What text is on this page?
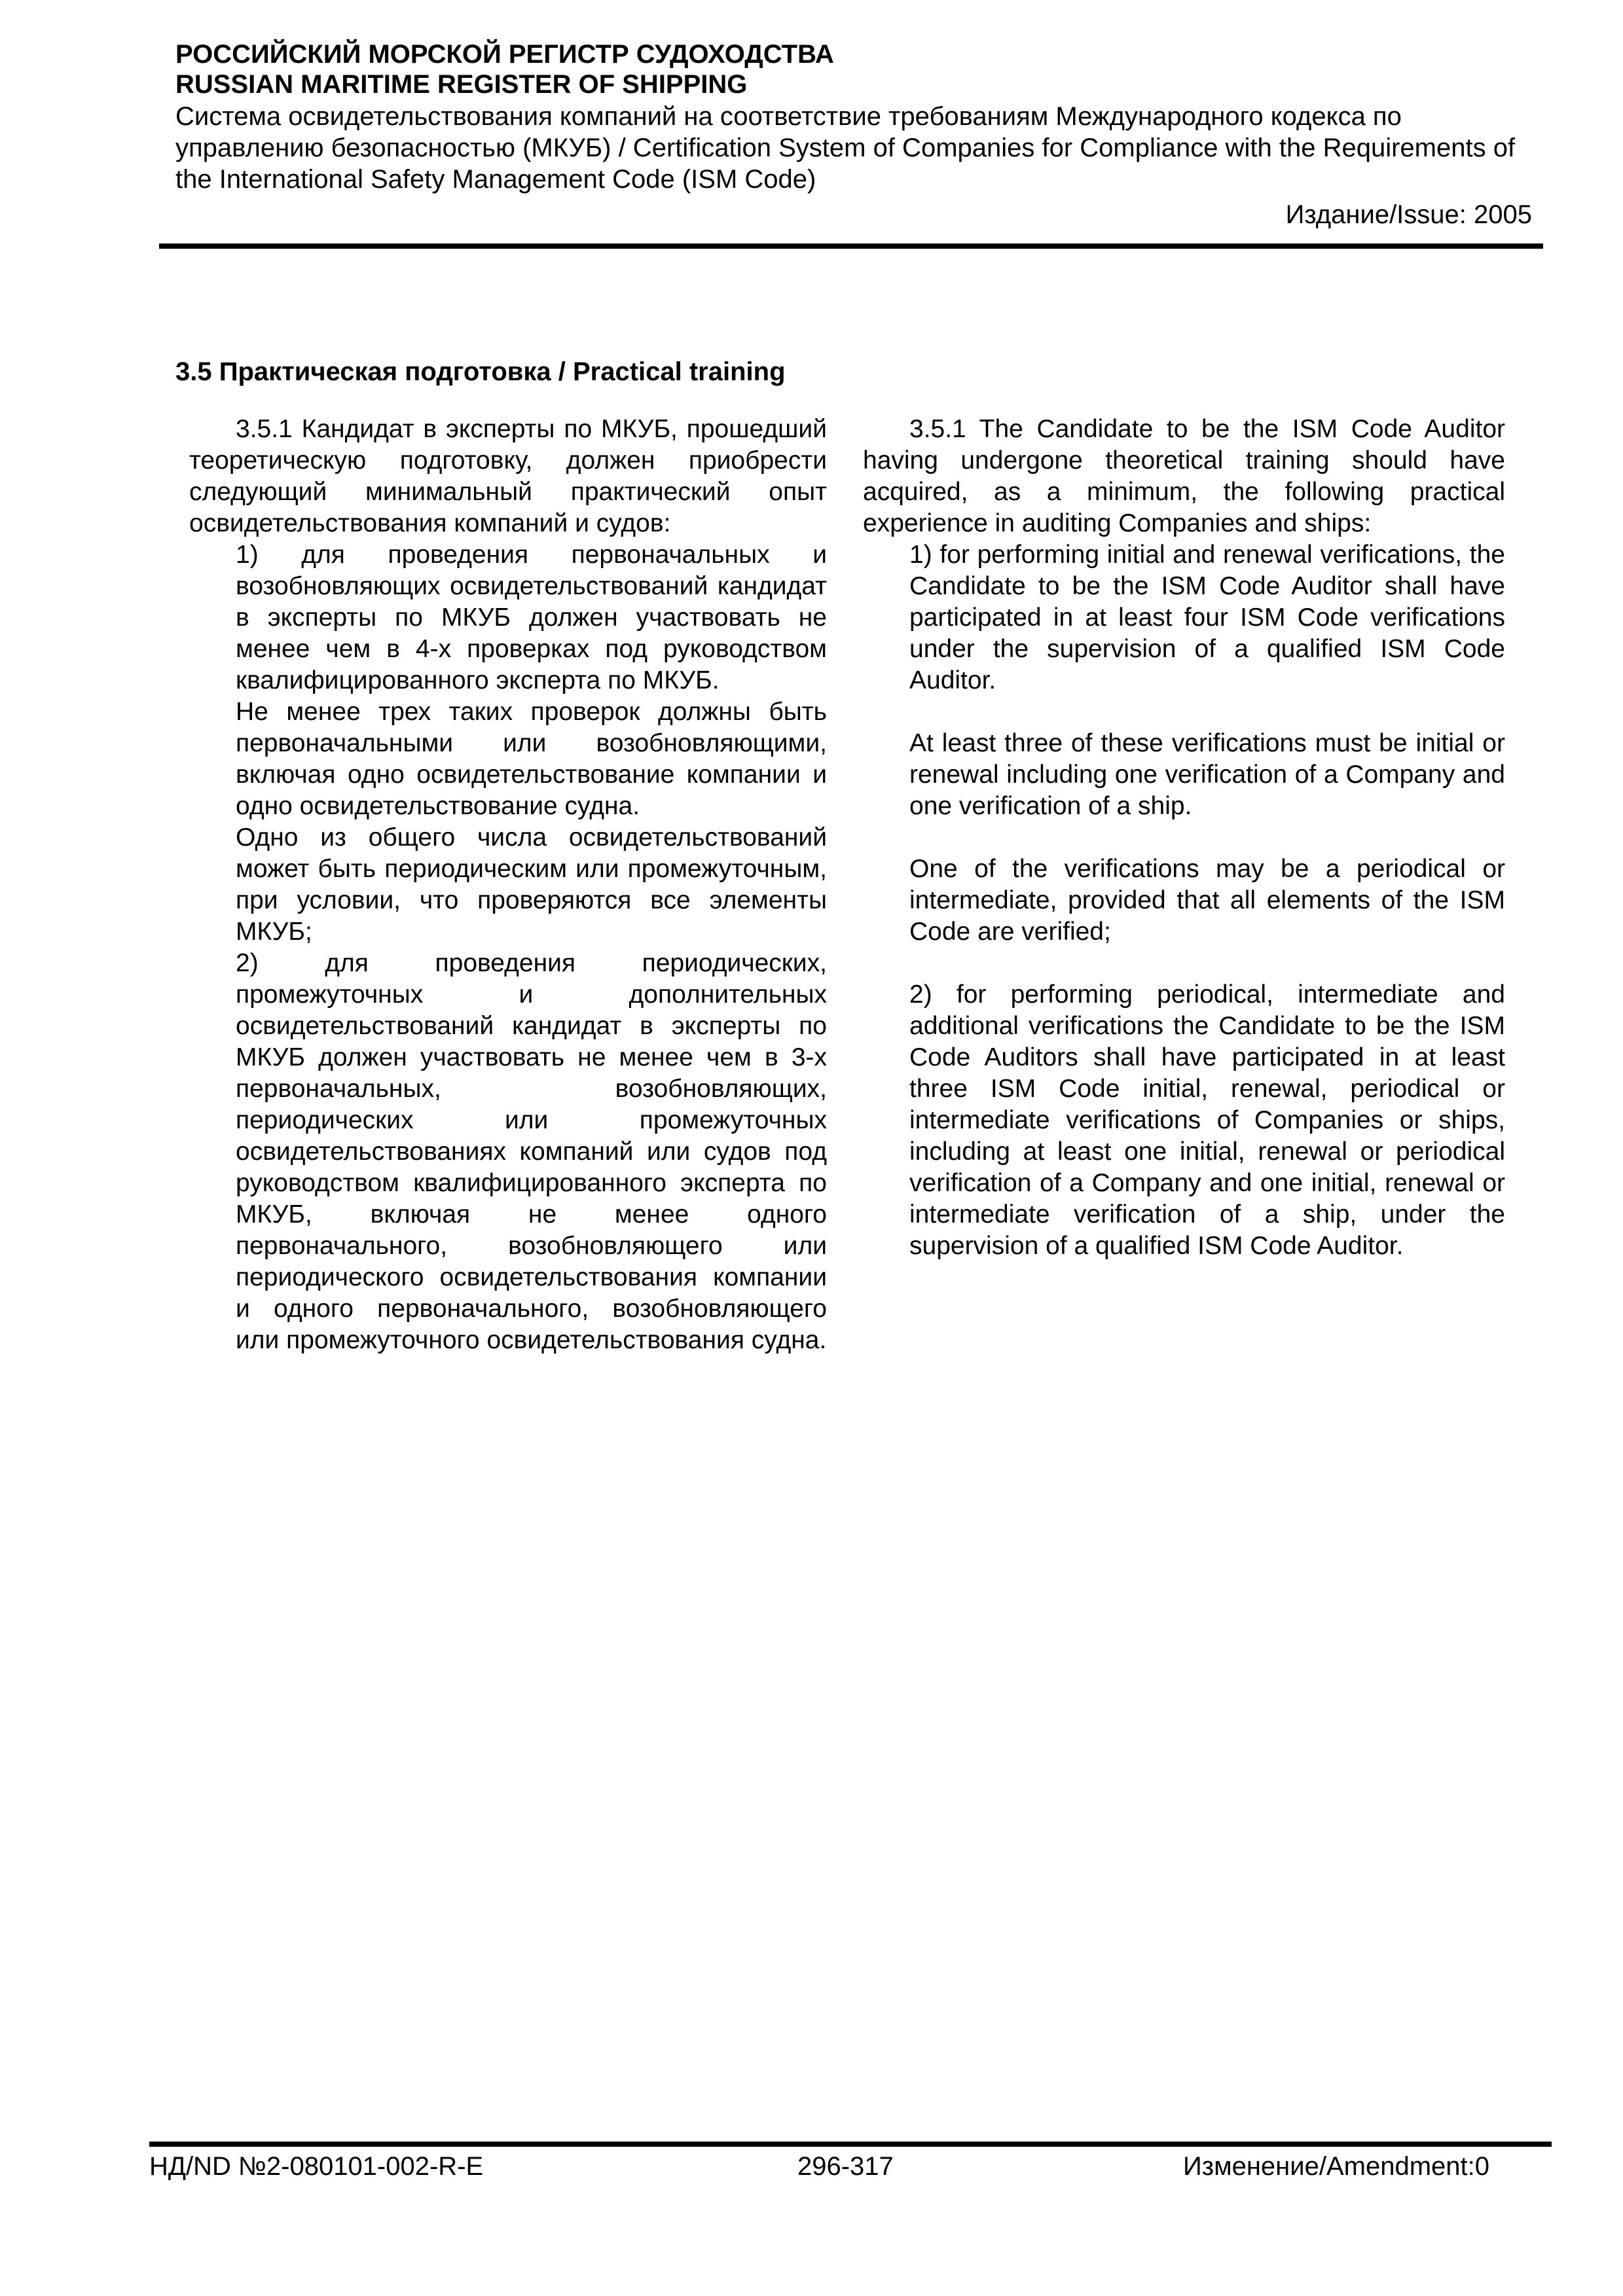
РОССИЙСКИЙ МОРСКОЙ РЕГИСТР СУДОХОДСТВА

RUSSIAN MARITIME REGISTER OF SHIPPING

Система освидетельствования компаний на соответствие требованиям Международного кодекса по управлению безопасностью (МКУБ) / Certification System of Companies for Compliance with the Requirements of the International Safety Management Code (ISM Code)

Издание/Issue: 2005
3.5 Практическая подготовка / Practical training

3.5.1 Кандидат в эксперты по МКУБ, прошедший теоретическую подготовку, должен приобрести следующий минимальный практический опыт освидетельствования компаний и судов:

1) для проведения первоначальных и возобновляющих освидетельствований кандидат в эксперты по МКУБ должен участвовать не менее чем в 4-х проверках под руководством квалифицированного эксперта по МКУБ.

Не менее трех таких проверок должны быть первоначальными или возобновляющими, включая одно освидетельствование компании и одно освидетельствование судна.

Одно из общего числа освидетельствований может быть периодическим или промежуточным, при условии, что проверяются все элементы МКУБ;

2) для проведения периодических, промежуточных и дополнительных освидетельствований кандидат в эксперты по МКУБ должен участвовать не менее чем в 3-х первоначальных, возобновляющих, периодических или промежуточных освидетельствованиях компаний или судов под руководством квалифицированного эксперта по МКУБ, включая не менее одного первоначального, возобновляющего или периодического освидетельствования компании и одного первоначального, возобновляющего или промежуточного освидетельствования судна.

3.5.1 The Candidate to be the ISM Code Auditor having undergone theoretical training should have acquired, as a minimum, the following practical experience in auditing Companies and ships:

1) for performing initial and renewal verifications, the Candidate to be the ISM Code Auditor shall have participated in at least four ISM Code verifications under the supervision of a qualified ISM Code Auditor.

At least three of these verifications must be initial or renewal including one verification of a Company and one verification of a ship.

One of the verifications may be a periodical or intermediate, provided that all elements of the ISM Code are verified;

2) for performing periodical, intermediate and additional verifications the Candidate to be the ISM Code Auditors shall have participated in at least three ISM Code initial, renewal, periodical or intermediate verifications of Companies or ships, including at least one initial, renewal or periodical verification of a Company and one initial, renewal or intermediate verification of a ship, under the supervision of a qualified ISM Code Auditor.

НД/ND №2-080101-002-R-E	296-317	Изменение/Amendment:0
